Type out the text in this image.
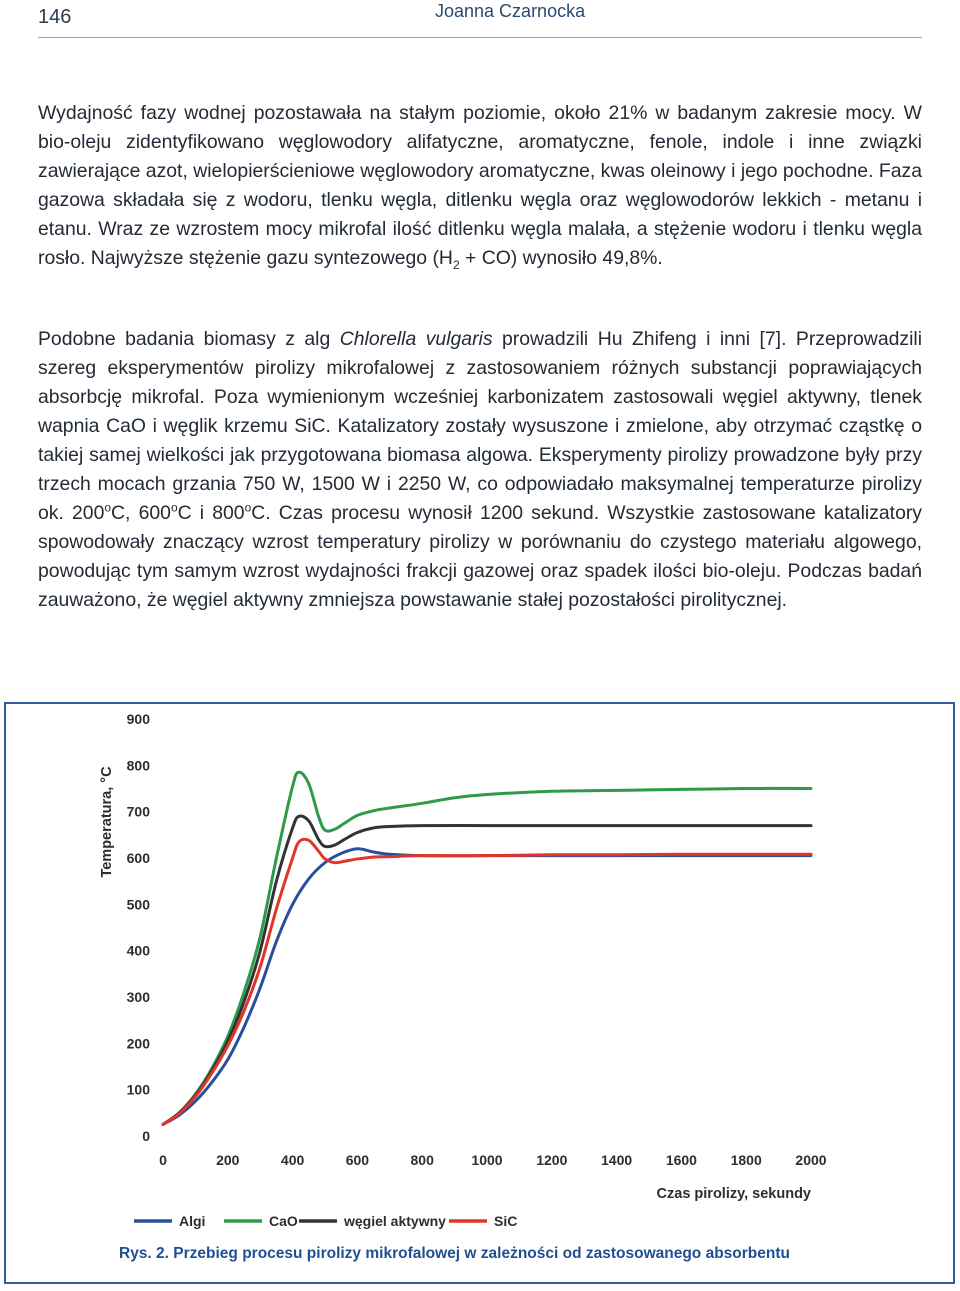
146	Joanna Czarnocka

Wydajność fazy wodnej pozostawała na stałym poziomie, około 21% w badanym zakresie mocy. W bio-oleju zidentyfikowano węglowodory alifatyczne, aromatyczne, fenole, indole i inne związki zawierające azot, wielopierścieniowe węglowodory aromatyczne, kwas oleinowy i jego pochodne. Faza gazowa składała się z wodoru, tlenku węgla, ditlenku węgla oraz węglowodorów lekkich - metanu i etanu. Wraz ze wzrostem mocy mikrofal ilość ditlenku węgla malała, a stężenie wodoru i tlenku węgla rosło. Najwyższe stężenie gazu syntezowego $(H_2 + CO)$ wynosiło 49,8%.

Podobne badania biomasy z alg Chlorella vulgaris prowadzili Hu Zhifeng i inni [7]. Przeprowadzili szereg eksperymentów pirolizy mikrofalowej z zastosowaniem różnych substancji poprawiających absorbcję mikrofal. Poza wymienionym wcześniej karbonizatem zastosowali węgiel aktywny, tlenek wapnia CaO i węglik krzemu SiC. Katalizatory zostały wysuszone i zmielone, aby otrzymać cząstkę o takiej samej wielkości jak przygotowana biomasa algowa. Eksperymenty pirolizy prowadzone były przy trzech mocach grzania 750 W, 1500 W i 2250 W, co odpowiadało maksymalnej temperaturze pirolizy ok. 200$^o$C, 600$^o$C i 800$^o$C. Czas procesu wynosił 1200 sekund. Wszystkie zastosowane katalizatory spowodowały znaczący wzrost temperatury pirolizy w porównaniu do czystego materiału algowego, powodując tym samym wzrost wydajności frakcji gazowej oraz spadek ilości bio-oleju. Podczas badań zauważono, że węgiel aktywny zmniejsza powstawanie stałej pozostałości pirolitycznej.

0
100
200
300
400
500
600
700
800
900
0	200	400	600	800	1000 1200 1400 1600 1800 2000
Algi	CaO	węgiel aktywny	SiC
Temperatura, °C
Czas pirolizy, sekundy
Rys. 2. Przebieg procesu pirolizy mikrofalowej w zależności od zastosowanego absorbentu
